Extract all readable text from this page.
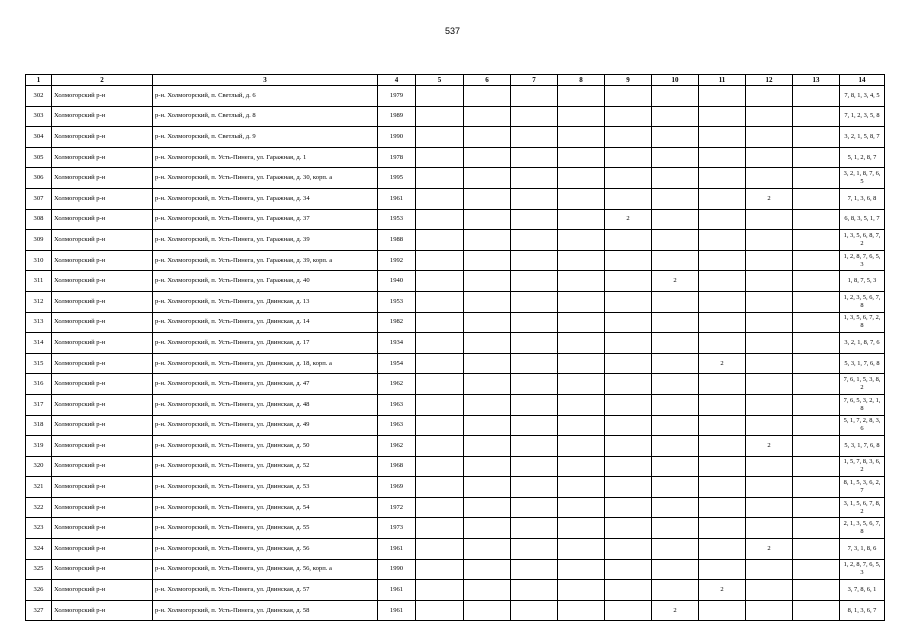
537
1	2	3	4	5	6	7	8	9	10	11	12	13	14
302	Холмогорский р-н	р-н. Холмогорский, п. Светлый, д. 6	1979										7, 8, 1, 3, 4, 5
303	Холмогорский р-н	р-н. Холмогорский, п. Светлый, д. 8	1989										7, 1, 2, 3, 5, 8
304	Холмогорский р-н	р-н. Холмогорский, п. Светлый, д. 9	1990										3, 2, 1, 5, 8, 7
305	Холмогорский р-н	р-н. Холмогорский, п. Усть-Пинега, ул. Гаражная, д. 1	1978										5, 1, 2, 8, 7
306	Холмогорский р-н	р-н. Холмогорский, п. Усть-Пинега, ул. Гаражная, д. 30, корп. а	1995										3, 2, 1, 8, 7, 6, 5
307	Холмогорский р-н	р-н. Холмогорский, п. Усть-Пинега, ул. Гаражная, д. 34	1961								2		7, 1, 3, 6, 8
308	Холмогорский р-н	р-н. Холмогорский, п. Усть-Пинега, ул. Гаражная, д. 37	1953					2					6, 8, 3, 5, 1, 7
309	Холмогорский р-н	р-н. Холмогорский, п. Усть-Пинега, ул. Гаражная, д. 39	1988										1, 3, 5, 6, 8, 7, 2
310	Холмогорский р-н	р-н. Холмогорский, п. Усть-Пинега, ул. Гаражная, д. 39, корп. а	1992										1, 2, 8, 7, 6, 5, 3
311	Холмогорский р-н	р-н. Холмогорский, п. Усть-Пинега, ул. Гаражная, д. 40	1940						2				1, 8, 7, 5, 3
312	Холмогорский р-н	р-н. Холмогорский, п. Усть-Пинега, ул. Двинская, д. 13	1953										1, 2, 3, 5, 6, 7, 8
313	Холмогорский р-н	р-н. Холмогорский, п. Усть-Пинега, ул. Двинская, д. 14	1982										1, 3, 5, 6, 7, 2, 8
314	Холмогорский р-н	р-н. Холмогорский, п. Усть-Пинега, ул. Двинская, д. 17	1934										3, 2, 1, 8, 7, 6
315	Холмогорский р-н	р-н. Холмогорский, п. Усть-Пинега, ул. Двинская, д. 18, корп. а	1954							2			5, 3, 1, 7, 6, 8
316	Холмогорский р-н	р-н. Холмогорский, п. Усть-Пинега, ул. Двинская, д. 47	1962										7, 6, 1, 5, 3, 8, 2
317	Холмогорский р-н	р-н. Холмогорский, п. Усть-Пинега, ул. Двинская, д. 48	1963										7, 6, 5, 3, 2, 1, 8
318	Холмогорский р-н	р-н. Холмогорский, п. Усть-Пинега, ул. Двинская, д. 49	1963										5, 1, 7, 2, 8, 3, 6
319	Холмогорский р-н	р-н. Холмогорский, п. Усть-Пинега, ул. Двинская, д. 50	1962								2		5, 3, 1, 7, 6, 8
320	Холмогорский р-н	р-н. Холмогорский, п. Усть-Пинега, ул. Двинская, д. 52	1968										1, 5, 7, 8, 3, 6, 2
321	Холмогорский р-н	р-н. Холмогорский, п. Усть-Пинега, ул. Двинская, д. 53	1969										8, 1, 5, 3, 6, 2, 7
322	Холмогорский р-н	р-н. Холмогорский, п. Усть-Пинега, ул. Двинская, д. 54	1972										3, 1, 5, 6, 7, 8, 2
323	Холмогорский р-н	р-н. Холмогорский, п. Усть-Пинега, ул. Двинская, д. 55	1973										2, 1, 3, 5, 6, 7, 8
324	Холмогорский р-н	р-н. Холмогорский, п. Усть-Пинега, ул. Двинская, д. 56	1961								2		7, 3, 1, 8, 6
325	Холмогорский р-н	р-н. Холмогорский, п. Усть-Пинега, ул. Двинская, д. 56, корп. а	1990										1, 2, 8, 7, 6, 5, 3
326	Холмогорский р-н	р-н. Холмогорский, п. Усть-Пинега, ул. Двинская, д. 57	1961							2			3, 7, 8, 6, 1
327	Холмогорский р-н	р-н. Холмогорский, п. Усть-Пинега, ул. Двинская, д. 58	1961						2				8, 1, 3, 6, 7
